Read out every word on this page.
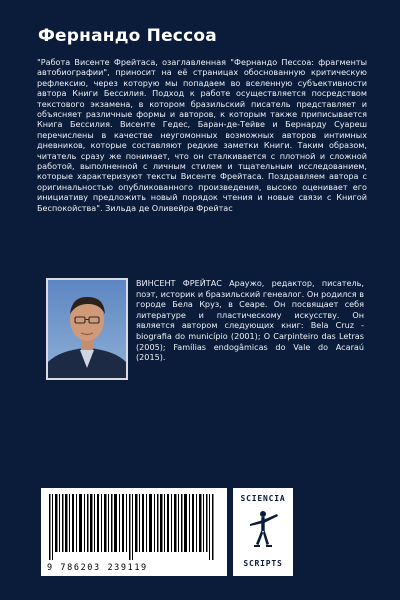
Фернандо Пессоа
"Работа Висенте Фрейтаса, озаглавленная "Фернандо Пессоа: фрагменты автобиографии", приносит на её страницах обоснованную критическую рефлексию, через которую мы попадаем во вселенную субъективности автора Книги Бессилия. Подход к работе осуществляется посредством текстового экзамена, в котором бразильский писатель представляет и объясняет различные формы и авторов, к которым также приписывается Книга Бессилия. Висенте Гедес, Баран-де-Тейве и Бернарду Суареш перечислены в качестве неугомонных возможных авторов интимных дневников, которые составляют редкие заметки Книги. Таким образом, читатель сразу же понимает, что он сталкивается с плотной и сложной работой, выполненной с личным стилем и тщательным исследованием, которые характеризуют тексты Висенте Фрейтаса. Поздравляем автора с оригинальностью опубликованного произведения, высоко оценивает его инициативу предложить новый порядок чтения и новые связи с Книгой Беспокойства". Зильда де Оливейра Фрейтас
ВИНСЕНТ ФРЕЙТАС Араужо, редактор, писатель, поэт, историк и бразильский генеалог. Он родился в городе Бела Круз, в Сеаре. Он посвящает себя литературе и пластическому искусству. Он является автором следующих книг: Bela Cruz - biografia do município (2001); O Carpinteiro das Letras (2005); Famílias endogâmicas do Vale do Acaraú (2015).
9 786203 239119
SCIENCIA
SCRIPTS
